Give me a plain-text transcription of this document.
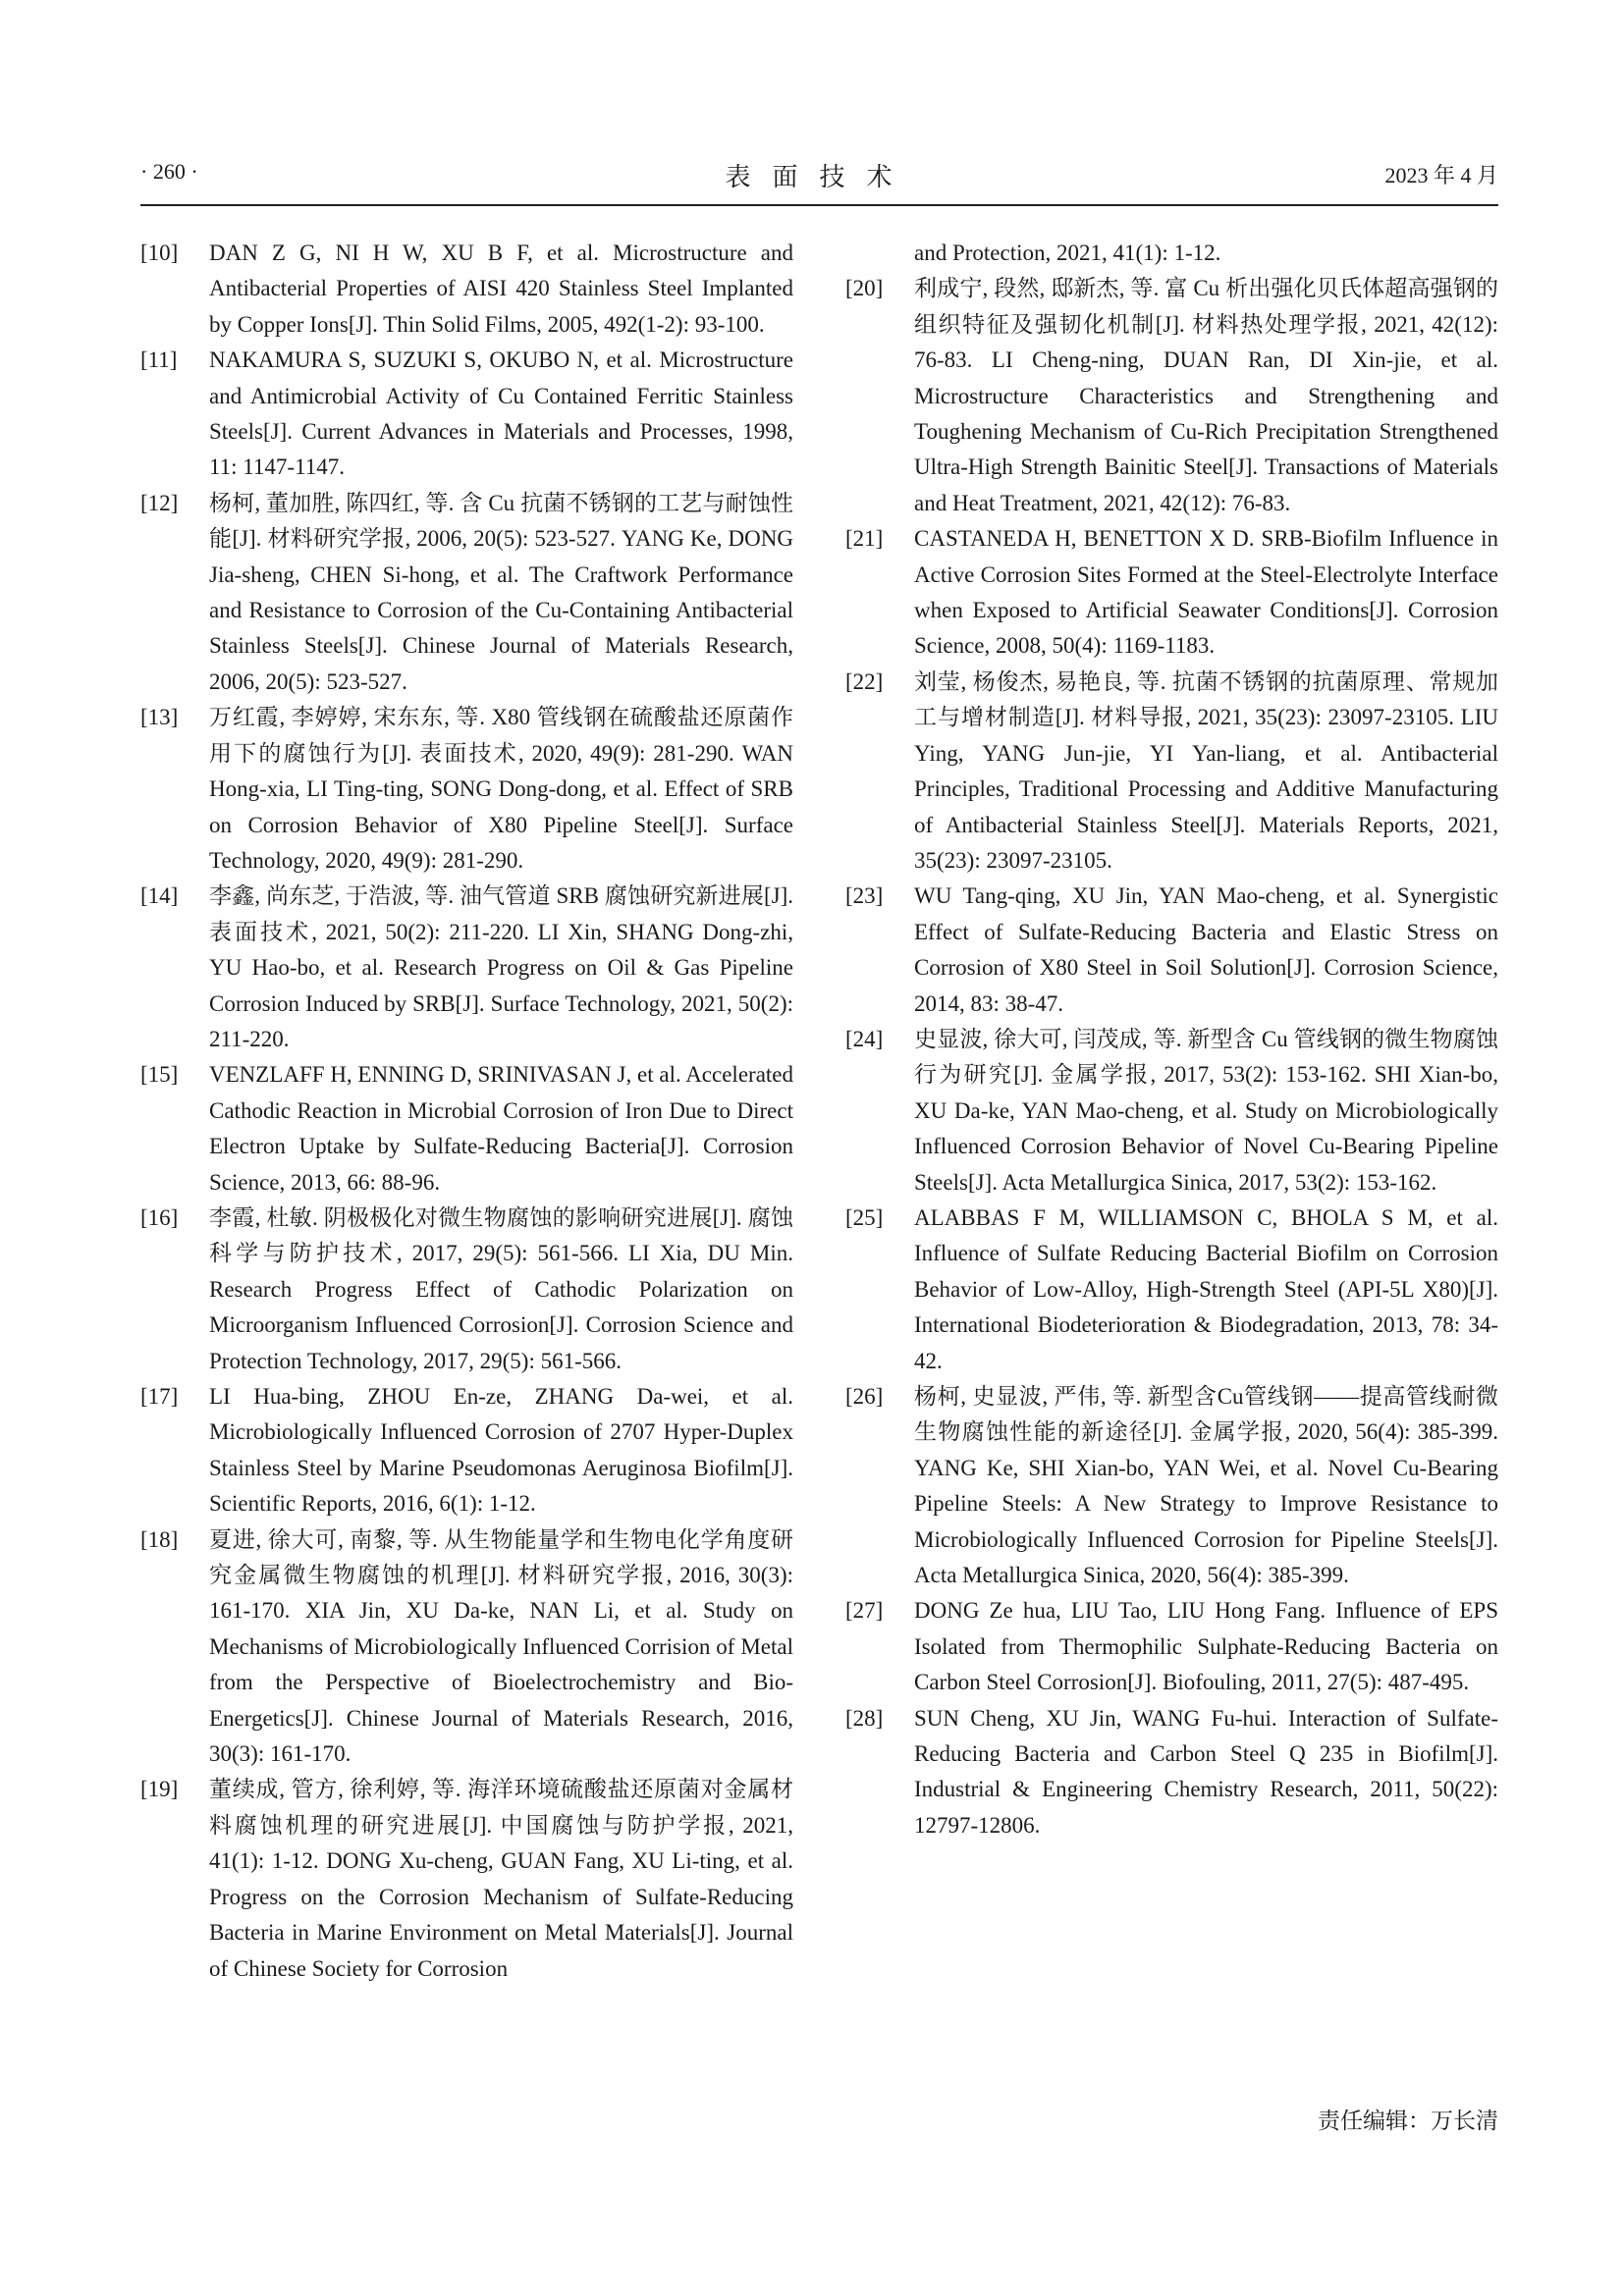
· 260 ·	表面技术	2023 年 4 月
[10]	DAN Z G, NI H W, XU B F, et al. Microstructure and Antibacterial Properties of AISI 420 Stainless Steel Implanted by Copper Ions[J]. Thin Solid Films, 2005, 492(1-2): 93-100.
[11]	NAKAMURA S, SUZUKI S, OKUBO N, et al. Microstructure and Antimicrobial Activity of Cu Contained Ferritic Stainless Steels[J]. Current Advances in Materials and Processes, 1998, 11: 1147-1147.
[12]	杨柯, 董加胜, 陈四红, 等. 含 Cu 抗菌不锈钢的工艺与耐蚀性能[J]. 材料研究学报, 2006, 20(5): 523-527. YANG Ke, DONG Jia-sheng, CHEN Si-hong, et al. The Craftwork Performance and Resistance to Corrosion of the Cu-Containing Antibacterial Stainless Steels[J]. Chinese Journal of Materials Research, 2006, 20(5): 523-527.
[13]	万红霞, 李婷婷, 宋东东, 等. X80 管线钢在硫酸盐还原菌作用下的腐蚀行为[J]. 表面技术, 2020, 49(9): 281-290. WAN Hong-xia, LI Ting-ting, SONG Dong-dong, et al. Effect of SRB on Corrosion Behavior of X80 Pipeline Steel[J]. Surface Technology, 2020, 49(9): 281-290.
[14]	李鑫, 尚东芝, 于浩波, 等. 油气管道 SRB 腐蚀研究新进展[J]. 表面技术, 2021, 50(2): 211-220. LI Xin, SHANG Dong-zhi, YU Hao-bo, et al. Research Progress on Oil & Gas Pipeline Corrosion Induced by SRB[J]. Surface Technology, 2021, 50(2): 211-220.
[15]	VENZLAFF H, ENNING D, SRINIVASAN J, et al. Accelerated Cathodic Reaction in Microbial Corrosion of Iron Due to Direct Electron Uptake by Sulfate-Reducing Bacteria[J]. Corrosion Science, 2013, 66: 88-96.
[16]	李霞, 杜敏. 阴极极化对微生物腐蚀的影响研究进展[J]. 腐蚀科学与防护技术, 2017, 29(5): 561-566. LI Xia, DU Min. Research Progress Effect of Cathodic Polarization on Microorganism Influenced Corrosion[J]. Corrosion Science and Protection Technology, 2017, 29(5): 561-566.
[17]	LI Hua-bing, ZHOU En-ze, ZHANG Da-wei, et al. Microbiologically Influenced Corrosion of 2707 Hyper-Duplex Stainless Steel by Marine Pseudomonas Aeruginosa Biofilm[J]. Scientific Reports, 2016, 6(1): 1-12.
[18]	夏进, 徐大可, 南黎, 等. 从生物能量学和生物电化学角度研究金属微生物腐蚀的机理[J]. 材料研究学报, 2016, 30(3): 161-170. XIA Jin, XU Da-ke, NAN Li, et al. Study on Mechanisms of Microbiologically Influenced Corrision of Metal from the Perspective of Bioelectrochemistry and Bio-Energetics[J]. Chinese Journal of Materials Research, 2016, 30(3): 161-170.
[19]	董续成, 管方, 徐利婷, 等. 海洋环境硫酸盐还原菌对金属材料腐蚀机理的研究进展[J]. 中国腐蚀与防护学报, 2021, 41(1): 1-12. DONG Xu-cheng, GUAN Fang, XU Li-ting, et al. Progress on the Corrosion Mechanism of Sulfate-Reducing Bacteria in Marine Environment on Metal Materials[J]. Journal of Chinese Society for Corrosion
and Protection, 2021, 41(1): 1-12.
[20]	利成宁, 段然, 邸新杰, 等. 富 Cu 析出强化贝氏体超高强钢的组织特征及强韧化机制[J]. 材料热处理学报, 2021, 42(12): 76-83. LI Cheng-ning, DUAN Ran, DI Xin-jie, et al. Microstructure Characteristics and Strengthening and Toughening Mechanism of Cu-Rich Precipitation Strengthened Ultra-High Strength Bainitic Steel[J]. Transactions of Materials and Heat Treatment, 2021, 42(12): 76-83.
[21]	CASTANEDA H, BENETTON X D. SRB-Biofilm Influence in Active Corrosion Sites Formed at the Steel-Electrolyte Interface when Exposed to Artificial Seawater Conditions[J]. Corrosion Science, 2008, 50(4): 1169-1183.
[22]	刘莹, 杨俊杰, 易艳良, 等. 抗菌不锈钢的抗菌原理、常规加工与增材制造[J]. 材料导报, 2021, 35(23): 23097-23105. LIU Ying, YANG Jun-jie, YI Yan-liang, et al. Antibacterial Principles, Traditional Processing and Additive Manufacturing of Antibacterial Stainless Steel[J]. Materials Reports, 2021, 35(23): 23097-23105.
[23]	WU Tang-qing, XU Jin, YAN Mao-cheng, et al. Synergistic Effect of Sulfate-Reducing Bacteria and Elastic Stress on Corrosion of X80 Steel in Soil Solution[J]. Corrosion Science, 2014, 83: 38-47.
[24]	史显波, 徐大可, 闫茂成, 等. 新型含 Cu 管线钢的微生物腐蚀行为研究[J]. 金属学报, 2017, 53(2): 153-162. SHI Xian-bo, XU Da-ke, YAN Mao-cheng, et al. Study on Microbiologically Influenced Corrosion Behavior of Novel Cu-Bearing Pipeline Steels[J]. Acta Metallurgica Sinica, 2017, 53(2): 153-162.
[25]	ALABBAS F M, WILLIAMSON C, BHOLA S M, et al. Influence of Sulfate Reducing Bacterial Biofilm on Corrosion Behavior of Low-Alloy, High-Strength Steel (API-5L X80)[J]. International Biodeterioration & Biodegradation, 2013, 78: 34-42.
[26]	杨柯, 史显波, 严伟, 等. 新型含Cu管线钢——提高管线耐微生物腐蚀性能的新途径[J]. 金属学报, 2020, 56(4): 385-399. YANG Ke, SHI Xian-bo, YAN Wei, et al. Novel Cu-Bearing Pipeline Steels: A New Strategy to Improve Resistance to Microbiologically Influenced Corrosion for Pipeline Steels[J]. Acta Metallurgica Sinica, 2020, 56(4): 385-399.
[27]	DONG Ze hua, LIU Tao, LIU Hong Fang. Influence of EPS Isolated from Thermophilic Sulphate-Reducing Bacteria on Carbon Steel Corrosion[J]. Biofouling, 2011, 27(5): 487-495.
[28]	SUN Cheng, XU Jin, WANG Fu-hui. Interaction of Sulfate-Reducing Bacteria and Carbon Steel Q 235 in Biofilm[J]. Industrial & Engineering Chemistry Research, 2011, 50(22): 12797-12806.
责任编辑：万长清
